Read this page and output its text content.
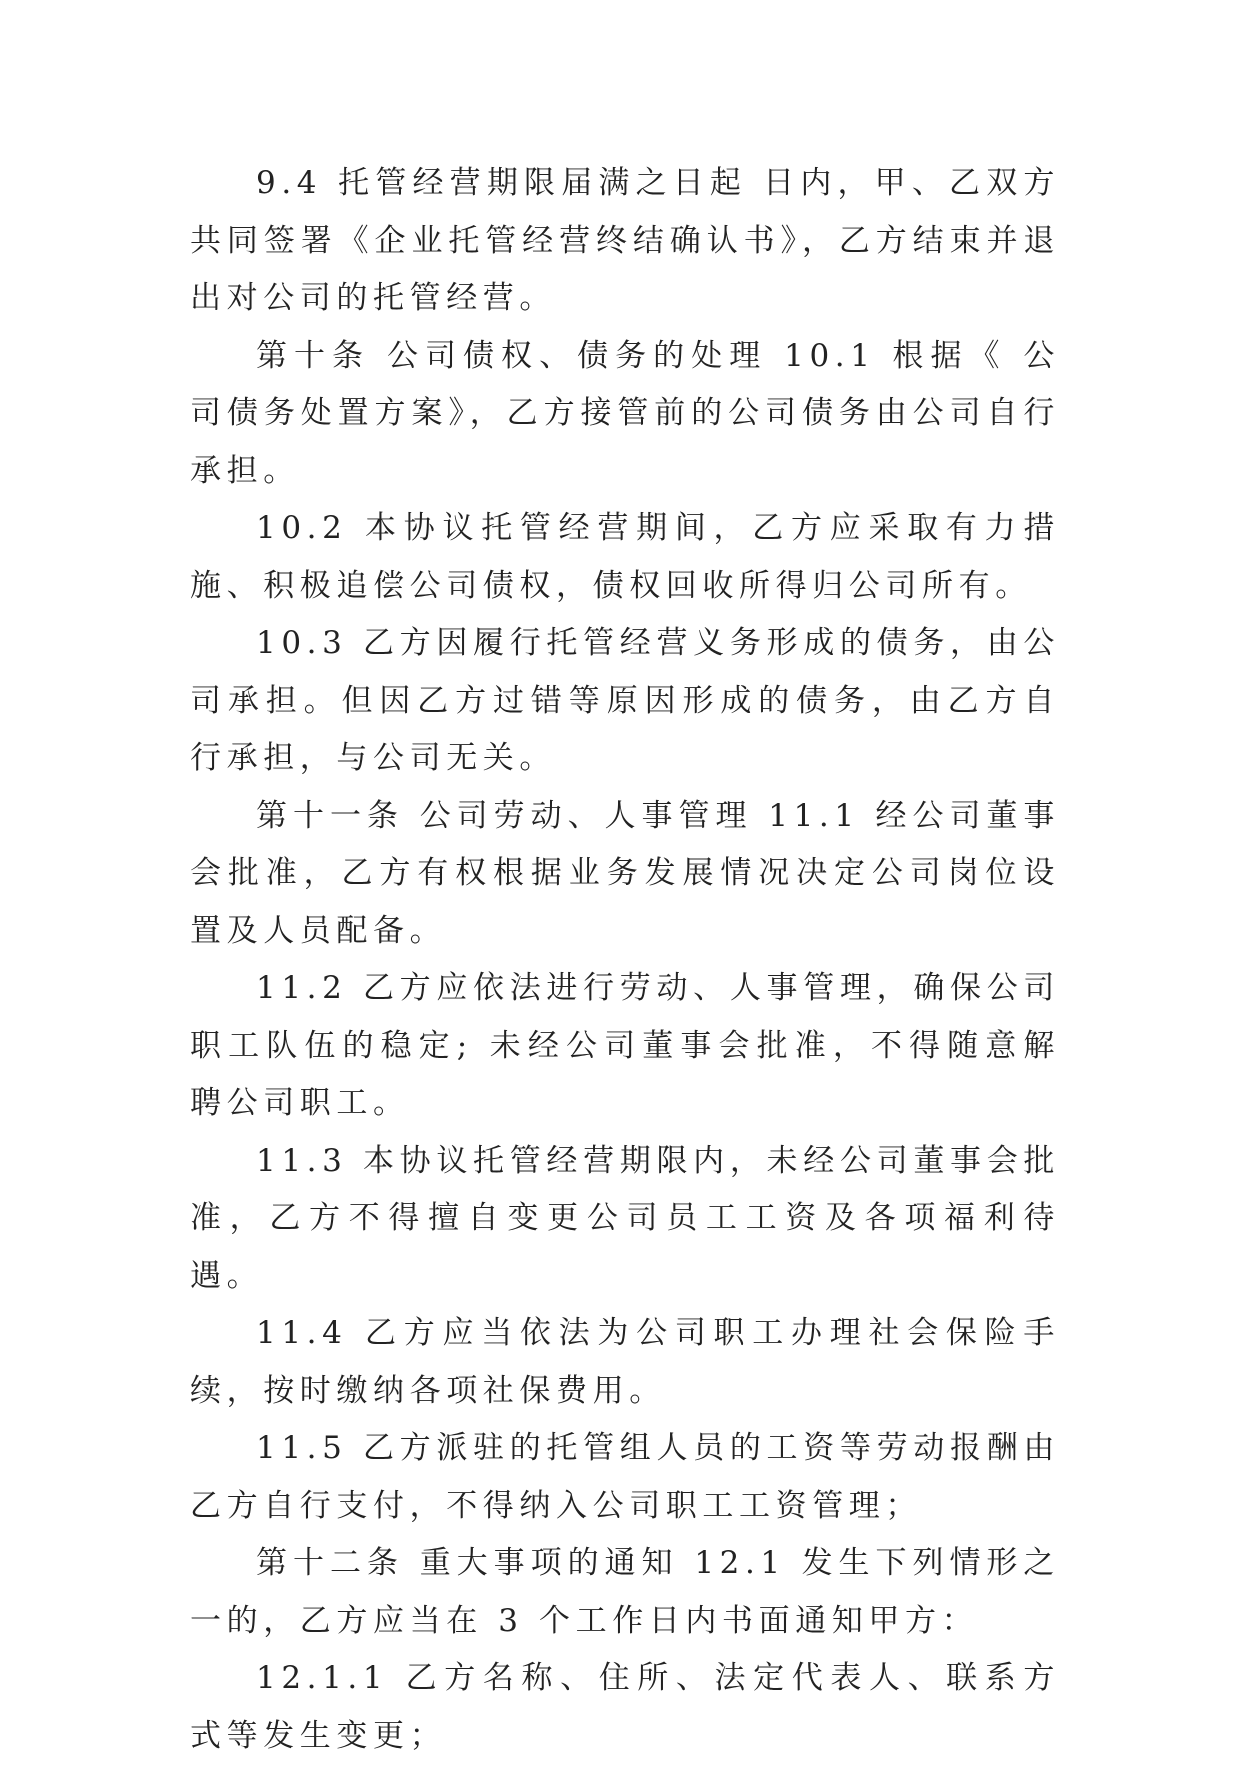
9.4 托管经营期限届满之日起 日内，甲、乙双方共同签署《企业托管经营终结确认书》，乙方结束并退出对公司的托管经营。

第十条 公司债权、债务的处理 10.1 根据《 公司债务处置方案》，乙方接管前的公司债务由公司自行承担。

10.2 本协议托管经营期间，乙方应采取有力措施、积极追偿公司债权，债权回收所得归公司所有。

10.3 乙方因履行托管经营义务形成的债务，由公司承担。但因乙方过错等原因形成的债务，由乙方自行承担，与公司无关。

第十一条 公司劳动、人事管理 11.1 经公司董事会批准，乙方有权根据业务发展情况决定公司岗位设置及人员配备。

11.2 乙方应依法进行劳动、人事管理，确保公司职工队伍的稳定; 未经公司董事会批准，不得随意解聘公司职工。

11.3 本协议托管经营期限内，未经公司董事会批准，乙方不得擅自变更公司员工工资及各项福利待遇。

11.4 乙方应当依法为公司职工办理社会保险手续，按时缴纳各项社保费用。

11.5 乙方派驻的托管组人员的工资等劳动报酬由乙方自行支付，不得纳入公司职工工资管理；

第十二条 重大事项的通知 12.1 发生下列情形之一的，乙方应当在 3 个工作日内书面通知甲方：

12.1.1 乙方名称、住所、法定代表人、联系方式等发生变更；
